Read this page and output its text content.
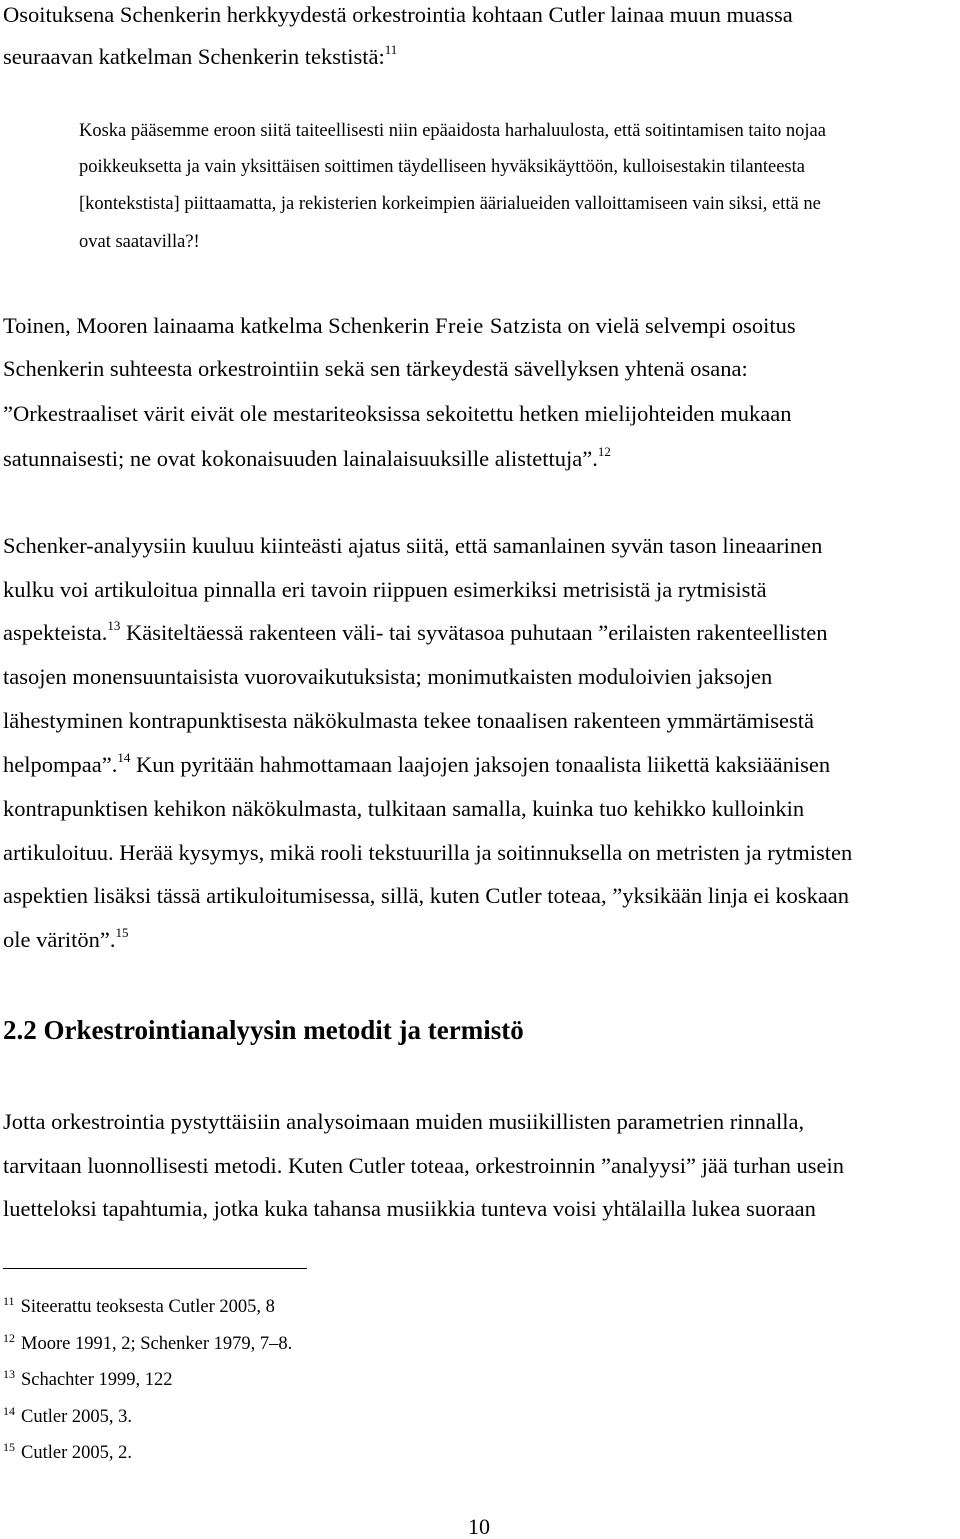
Osoituksena Schenkerin herkkyydestä orkestrointia kohtaan Cutler lainaa muun muassa
seuraavan katkelman Schenkerin tekstistä:$^{11}$
Koska pääsemme eroon siitä taiteellisesti niin epäaidosta harhaluulosta, että soitintamisen taito nojaa
poikkeuksetta ja vain yksittäisen soittimen täydelliseen hyväksikäyttöön, kulloisestakin tilanteesta
[kontekstista] piittaamatta, ja rekisterien korkeimpien äärialueiden valloittamiseen vain siksi, että ne
ovat saatavilla?!
Toinen, Mooren lainaama katkelma Schenkerin Freie Satzista on vielä selvempi osoitus
Schenkerin suhteesta orkestrointiin sekä sen tärkeydestä sävellyksen yhtenä osana:
”Orkestraaliset värit eivät ole mestariteoksissa sekoitettu hetken mielijohteiden mukaan
satunnaisesti; ne ovat kokonaisuuden lainalaisuuksille alistettuja”.$^{12}$
Schenker-analyysiin kuuluu kiinteästi ajatus siitä, että samanlainen syvän tason lineaarinen
kulku voi artikuloitua pinnalla eri tavoin riippuen esimerkiksi metrisistä ja rytmisistä
aspekteista.$^{13}$ Käsiteltäessä rakenteen väli- tai syvätasoa puhutaan ”erilaisten rakenteellisten
tasojen monensuuntaisista vuorovaikutuksista; monimutkaisten moduloivien jaksojen
lähestyminen kontrapunktisesta näkökulmasta tekee tonaalisen rakenteen ymmärtämisestä
helpompaa”.$^{14}$ Kun pyritään hahmottamaan laajojen jaksojen tonaalista liikettä kaksiäänisen
kontrapunktisen kehikon näkökulmasta, tulkitaan samalla, kuinka tuo kehikko kulloinkin
artikuloituu. Herää kysymys, mikä rooli tekstuurilla ja soitinnuksella on metristen ja rytmisten
aspektien lisäksi tässä artikuloitumisessa, sillä, kuten Cutler toteaa, ”yksikään linja ei koskaan
ole väritön”.$^{15}$
2.2 Orkestrointianalyysin metodit ja termistö
Jotta orkestrointia pystyttäisiin analysoimaan muiden musiikillisten parametrien rinnalla,
tarvitaan luonnollisesti metodi. Kuten Cutler toteaa, orkestroinnin ”analyysi” jää turhan usein
luetteloksi tapahtumia, jotka kuka tahansa musiikkia tunteva voisi yhtälailla lukea suoraan
$^{11}$ Siteerattu teoksesta Cutler 2005, 8
$^{12}$ Moore 1991, 2; Schenker 1979, 7–8.
$^{13}$ Schachter 1999, 122
$^{14}$ Cutler 2005, 3.
$^{15}$ Cutler 2005, 2.
10
